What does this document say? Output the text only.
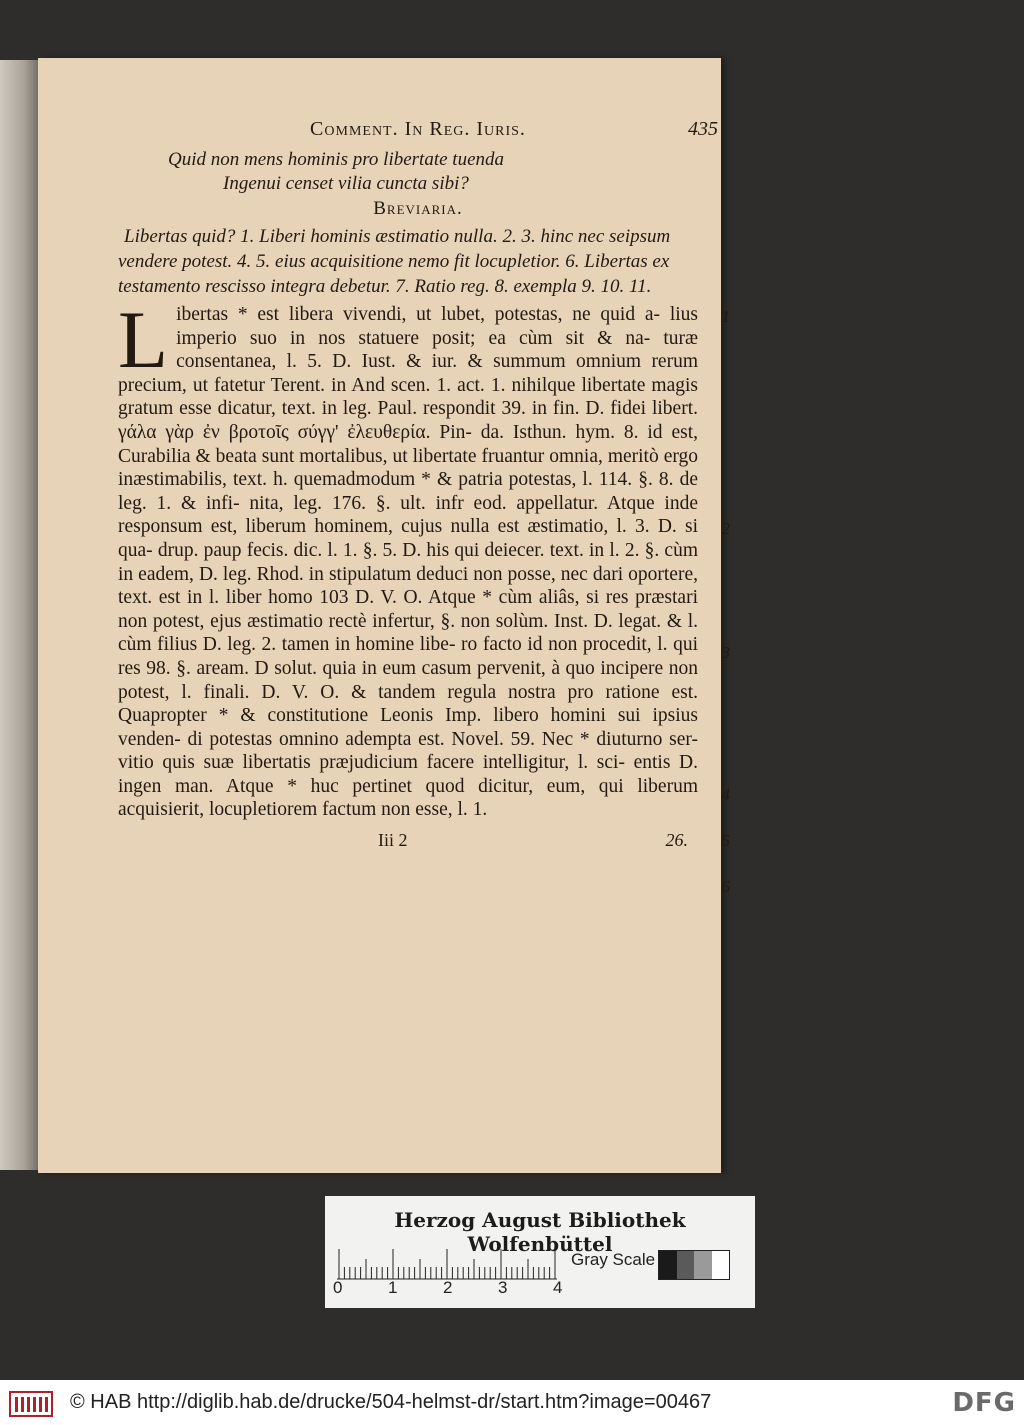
Comment. In Reg. Iuris.	435
Quid non mens hominis pro libertate tuenda
Ingenui censet vilia cuncta sibi?
Breviaria.
Libertas quid? 1. Liberi hominis æstimatio nulla. 2. 3. hinc nec seipsum vendere potest. 4. 5. eius acquisitione nemo fit locupletior. 6. Libertas ex testamento rescisso integra debetur. 7. Ratio reg. 8. exempla 9. 10. 11.
L ibertas * est libera vivendi, ut lubet, potestas, ne quid a- lius imperio suo in nos statuere posit; ea cùm sit & na- turæ consentanea, l. 5. D. Iust. & iur. & summum omnium rerum precium, ut fatetur Terent. in And scen. 1. act. 1. nihilque libertate magis gratum esse dicatur, text. in leg. Paul. respondit 39. in fin. D. fidei libert. γάλα γὰρ ἐν βροτοῖς σύγγ' ἐλευθερία. Pin- da. Isthun. hym. 8. id est, Curabilia & beata sunt mortalibus, ut libertate fruantur omnia, meritò ergo inæstimabilis, text. h. quemadmodum * & patria potestas, l. 114. §. 8. de leg. 1. & infi- nita, leg. 176. §. ult. infr eod. appellatur. Atque inde responsum est, liberum hominem, cujus nulla est æstimatio, l. 3. D. si qua- drup. paup fecis. dic. l. 1. §. 5. D. his qui deiecer. text. in l. 2. §. cùm in eadem, D. leg. Rhod. in stipulatum deduci non posse, nec dari oportere, text. est in l. liber homo 103 D. V. O. Atque * cùm aliâs, si res præstari non potest, ejus æstimatio rectè infertur, §. non solùm. Inst. D. legat. & l. cùm filius D. leg. 2. tamen in homine libe- ro facto id non procedit, l. qui res 98. §. aream. D solut. quia in eum casum pervenit, à quo incipere non potest, l. finali. D. V. O. & tandem regula nostra pro ratione est. Quapropter * & constitutione Leonis Imp. libero homini sui ipsius venden- di potestas omnino adempta est. Novel. 59. Nec * diuturno ser- vitio quis suæ libertatis præjudicium facere intelligitur, l. sci- entis D. ingen man. Atque * huc pertinet quod dicitur, eum, qui liberum acquisierit, locupletiorem factum non esse, l. 1.
1
2
3
4
5
6
Iii 2	26.
Herzog August Bibliothek Wolfenbüttel
0	1	2	3	4
Gray Scale
© HAB http://diglib.hab.de/drucke/504-helmst-dr/start.htm?image=00467	DFG
